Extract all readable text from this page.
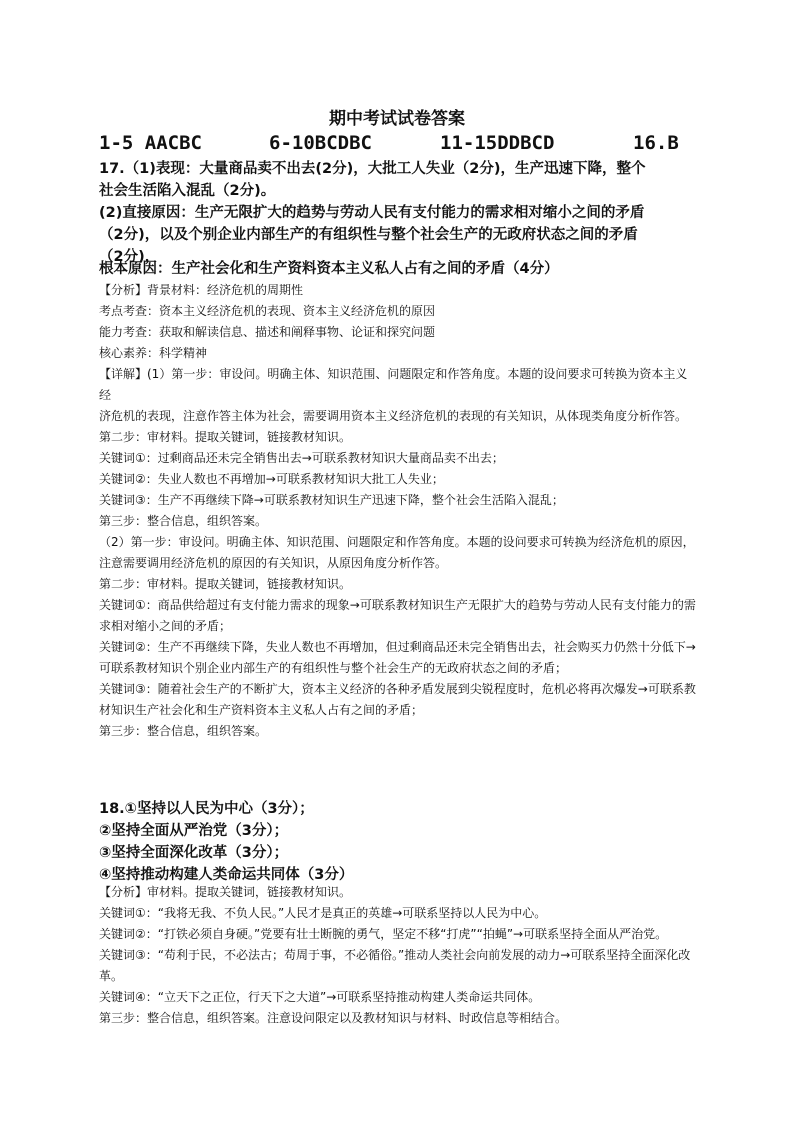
期中考试试卷答案
1-5 AACBC	6-10BCDBC	11-15DDBCD	16.B
17.（1)表现：大量商品卖不出去(2分)，大批工人失业（2分)，生产迅速下降，整个
社会生活陷入混乱（2分)。
(2)直接原因：生产无限扩大的趋势与劳动人民有支付能力的需求相对缩小之间的矛盾
（2分)，以及个别企业内部生产的有组织性与整个社会生产的无政府状态之间的矛盾
（2分)，
根本原因：生产社会化和生产资料资本主义私人占有之间的矛盾（4分）
【分析】背景材料：经济危机的周期性
考点考查：资本主义经济危机的表现、资本主义经济危机的原因
能力考查：获取和解读信息、描述和阐释事物、论证和探究问题
核心素养：科学精神
【详解】(1）第一步：审设问。明确主体、知识范围、问题限定和作答角度。本题的设问要求可转换为资本主义经
济危机的表现，注意作答主体为社会，需要调用资本主义经济危机的表现的有关知识，从体现类角度分析作答。
第二步：审材料。提取关键词，链接教材知识。
关键词①：过剩商品还未完全销售出去→可联系教材知识大量商品卖不出去；
关键词②：失业人数也不再增加→可联系教材知识大批工人失业；
关键词③：生产不再继续下降→可联系教材知识生产迅速下降，整个社会生活陷入混乱；
第三步：整合信息，组织答案。
（2）第一步：审设问。明确主体、知识范围、问题限定和作答角度。本题的设问要求可转换为经济危机的原因，
注意需要调用经济危机的原因的有关知识，从原因角度分析作答。
第二步：审材料。提取关键词，链接教材知识。
关键词①：商品供给超过有支付能力需求的现象→可联系教材知识生产无限扩大的趋势与劳动人民有支付能力的需
求相对缩小之间的矛盾；
关键词②：生产不再继续下降，失业人数也不再增加，但过剩商品还未完全销售出去，社会购买力仍然十分低下→
可联系教材知识个别企业内部生产的有组织性与整个社会生产的无政府状态之间的矛盾；
关键词③：随着社会生产的不断扩大，资本主义经济的各种矛盾发展到尖锐程度时，危机必将再次爆发→可联系教
材知识生产社会化和生产资料资本主义私人占有之间的矛盾；
第三步：整合信息，组织答案。
18.①坚持以人民为中心（3分）；
②坚持全面从严治党（3分）；
③坚持全面深化改革（3分）；
④坚持推动构建人类命运共同体（3分）
【分析】审材料。提取关键词，链接教材知识。
关键词①：“我将无我、不负人民。”人民才是真正的英雄→可联系坚持以人民为中心。
关键词②：“打铁必须自身硬。”党要有壮士断腕的勇气，坚定不移“打虎”“拍蝇”→可联系坚持全面从严治党。
关键词③：“苟利于民，不必法古；苟周于事，不必循俗。”推动人类社会向前发展的动力→可联系坚持全面深化改
革。
关键词④：“立天下之正位，行天下之大道”→可联系坚持推动构建人类命运共同体。
第三步：整合信息，组织答案。注意设问限定以及教材知识与材料、时政信息等相结合。
